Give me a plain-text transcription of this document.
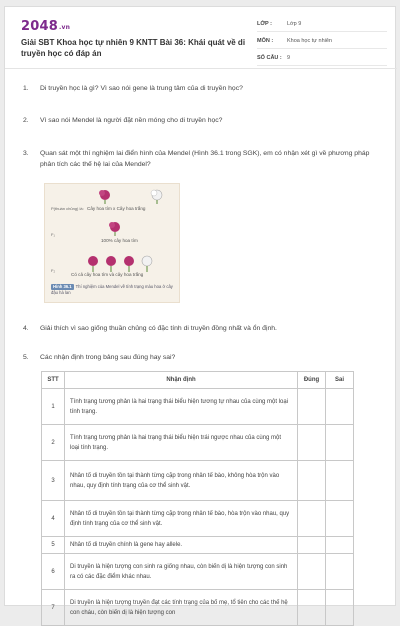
2048.vn
Giải SBT Khoa học tự nhiên 9 KNTT Bài 36: Khái quát về di truyền học có đáp án
LỚP :	Lớp 9
MÔN :	Khoa học tự nhiên
SỐ CÂU : 9
1.	Di truyền học là gì? Vì sao nói gene là trung tâm của di truyền học?
2.	Vì sao nói Mendel là người đặt nền móng cho di truyền học?
3.	Quan sát một thí nghiệm lai điển hình của Mendel (Hình 36.1 trong SGK), em có nhận xét gì về phương pháp phân tích các thế hệ lai của Mendel?
P(thuần chủng) là: Cây hoa tím x Cây hoa trắng
F₁
100% cây hoa tím
F₂
Có cả cây hoa tím và cây hoa trắng
Hình 36.1 Thí nghiệm của Mendel về tính trạng màu hoa ở cây đậu hà lan
4.	Giải thích vì sao giống thuần chủng có đặc tính di truyền đồng nhất và ổn định.
5.	Các nhận định trong bảng sau đúng hay sai?
STT	Nhận định	Đúng	Sai
1	Tính trạng tương phản là hai trạng thái biểu hiện tương tự nhau của cùng một loại tính trạng.		
2	Tính trạng tương phản là hai trạng thái biểu hiện trái ngược nhau của cùng một loại tính trạng.		
3	Nhân tố di truyền tồn tại thành từng cặp trong nhân tế bào, không hòa trộn vào nhau, quy định tính trạng của cơ thể sinh vật.		
4	Nhân tố di truyền tồn tại thành từng cặp trong nhân tế bào, hòa trộn vào nhau, quy định tính trạng của cơ thể sinh vật.		
5	Nhân tố di truyền chính là gene hay allele.		
6	Di truyền là hiện tượng con sinh ra giống nhau, còn biến dị là hiện tượng con sinh ra có các đặc điểm khác nhau.		
7	Di truyền là hiện tượng truyền đạt các tính trạng của bố mẹ, tổ tiên cho các thế hệ con cháu, còn biến dị là hiện tượng con		
